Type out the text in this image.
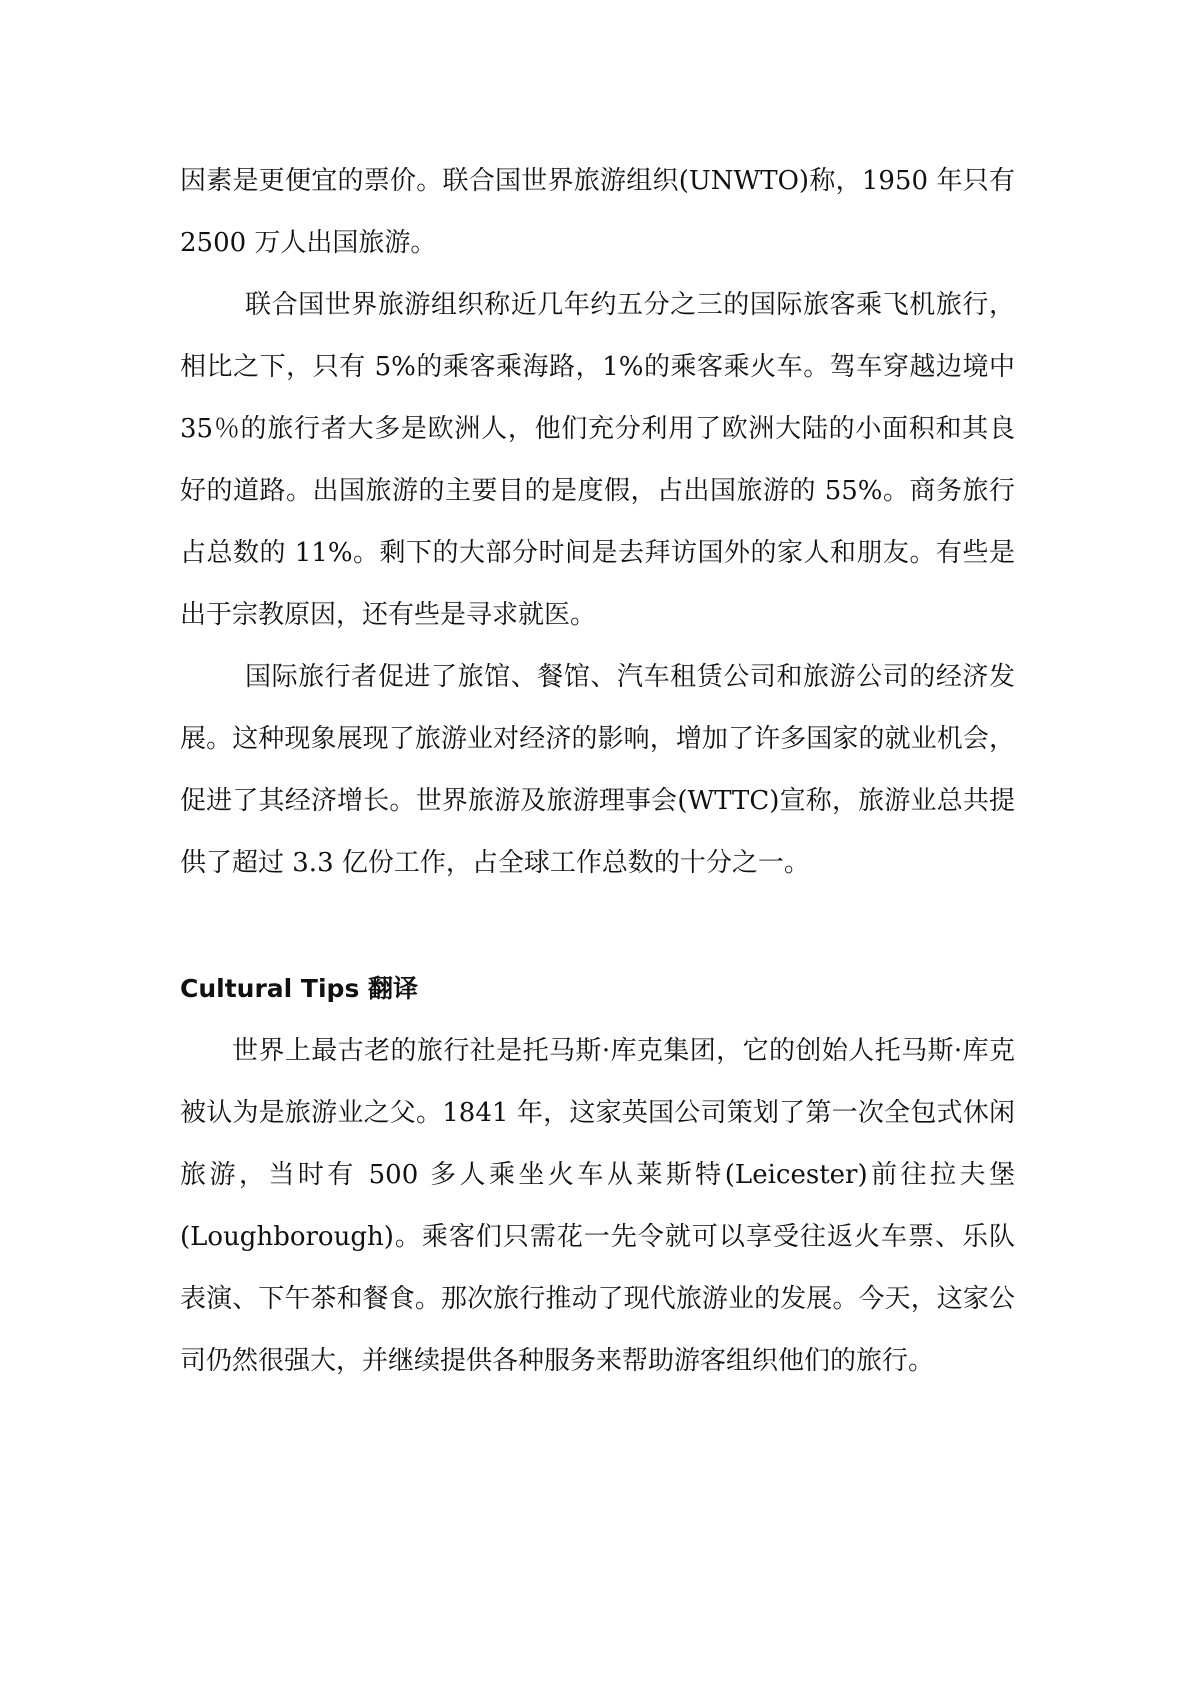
因素是更便宜的票价。联合国世界旅游组织(UNWTO)称，1950 年只有 2500 万人出国旅游。

联合国世界旅游组织称近几年约五分之三的国际旅客乘飞机旅行，相比之下，只有 5%的乘客乘海路，1%的乘客乘火车。驾车穿越边境中 35％的旅行者大多是欧洲人，他们充分利用了欧洲大陆的小面积和其良好的道路。出国旅游的主要目的是度假，占出国旅游的 55%。商务旅行占总数的 11%。剩下的大部分时间是去拜访国外的家人和朋友。有些是出于宗教原因，还有些是寻求就医。

国际旅行者促进了旅馆、餐馆、汽车租赁公司和旅游公司的经济发展。这种现象展现了旅游业对经济的影响，增加了许多国家的就业机会，促进了其经济增长。世界旅游及旅游理事会(WTTC)宣称，旅游业总共提供了超过 3.3 亿份工作，占全球工作总数的十分之一。

Cultural Tips 翻译

世界上最古老的旅行社是托马斯·库克集团，它的创始人托马斯·库克被认为是旅游业之父。1841 年，这家英国公司策划了第一次全包式休闲旅游，当时有 500 多人乘坐火车从莱斯特(Leicester)前往拉夫堡(Loughborough)。乘客们只需花一先令就可以享受往返火车票、乐队表演、下午茶和餐食。那次旅行推动了现代旅游业的发展。今天，这家公司仍然很强大，并继续提供各种服务来帮助游客组织他们的旅行。
